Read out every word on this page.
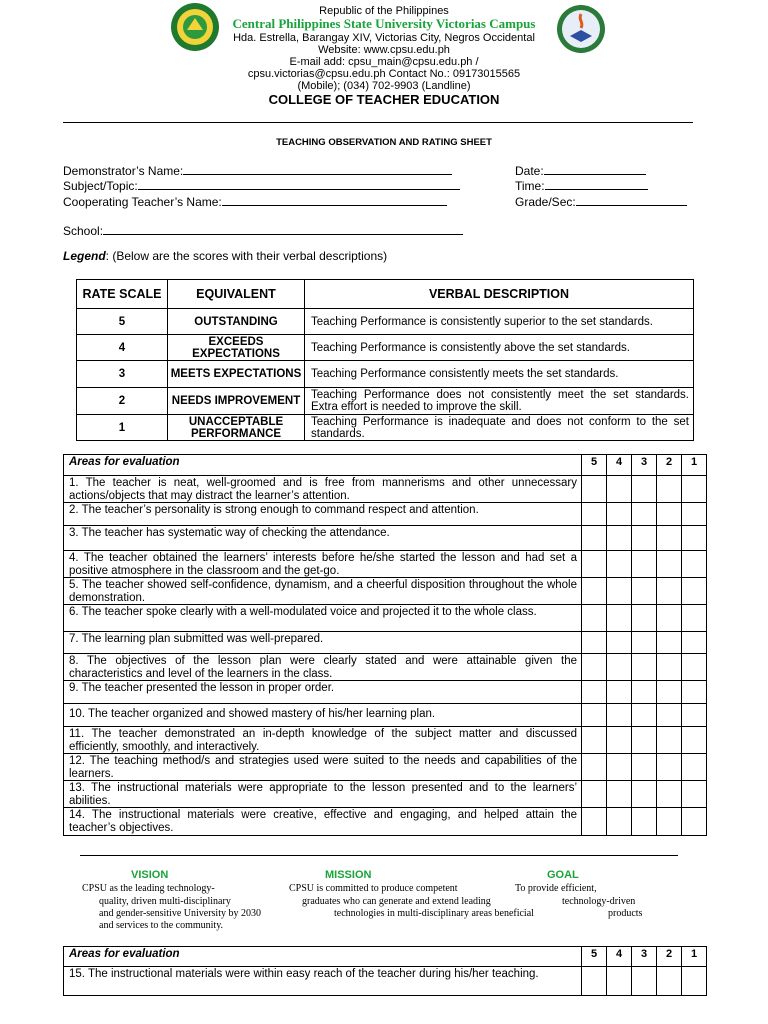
Republic of the Philippines
Central Philippines State University Victorias Campus
Hda. Estrella, Barangay XIV, Victorias City, Negros Occidental
Website: www.cpsu.edu.ph
E-mail add: cpsu_main@cpsu.edu.ph /
cpsu.victorias@cpsu.edu.ph Contact No.: 09173015565
(Mobile); (034) 702-9903 (Landline)
COLLEGE OF TEACHER EDUCATION
TEACHING OBSERVATION AND RATING SHEET
Demonstrator’s Name:
Subject/Topic:
Cooperating Teacher’s Name:
School:
Date:
Time:
Grade/Sec:
Legend: (Below are the scores with their verbal descriptions)
RATE SCALE	EQUIVALENT	VERBAL DESCRIPTION
5	OUTSTANDING	Teaching Performance is consistently superior to the set standards.
4	EXCEEDS EXPECTATIONS	Teaching Performance is consistently above the set standards.
3	MEETS EXPECTATIONS	Teaching Performance consistently meets the set standards.
2	NEEDS IMPROVEMENT	Teaching Performance does not consistently meet the set standards. Extra effort is needed to improve the skill.
1	UNACCEPTABLE PERFORMANCE	Teaching Performance is inadequate and does not conform to the set standards.
Areas for evaluation	5	4	3	2	1
1. The teacher is neat, well-groomed and is free from mannerisms and other unnecessary actions/objects that may distract the learner’s attention.					
2. The teacher’s personality is strong enough to command respect and attention.					
3. The teacher has systematic way of checking the attendance.					
4. The teacher obtained the learners’ interests before he/she started the lesson and had set a positive atmosphere in the classroom and the get-go.					
5. The teacher showed self-confidence, dynamism, and a cheerful disposition throughout the whole demonstration.					
6. The teacher spoke clearly with a well-modulated voice and projected it to the whole class.					
7. The learning plan submitted was well-prepared.					
8. The objectives of the lesson plan were clearly stated and were attainable given the characteristics and level of the learners in the class.					
9. The teacher presented the lesson in proper order.					
10. The teacher organized and showed mastery of his/her learning plan.					
11. The teacher demonstrated an in-depth knowledge of the subject matter and discussed efficiently, smoothly, and interactively.					
12. The teaching method/s and strategies used were suited to the needs and capabilities of the learners.					
13. The instructional materials were appropriate to the lesson presented and to the learners’ abilities.					
14. The instructional materials were creative, effective and engaging, and helped attain the teacher’s objectives.					
VISION	MISSION	GOAL
CPSU as the leading technology-	CPSU is committed to produce competent	To provide efficient,
quality, driven multi-disciplinary	graduates who can generate and extend leading	technology-driven
and gender-sensitive University by 2030	technologies in multi-disciplinary areas beneficial	products
and services to the community.
Areas for evaluation	5	4	3	2	1
15. The instructional materials were within easy reach of the teacher during his/her teaching.					
